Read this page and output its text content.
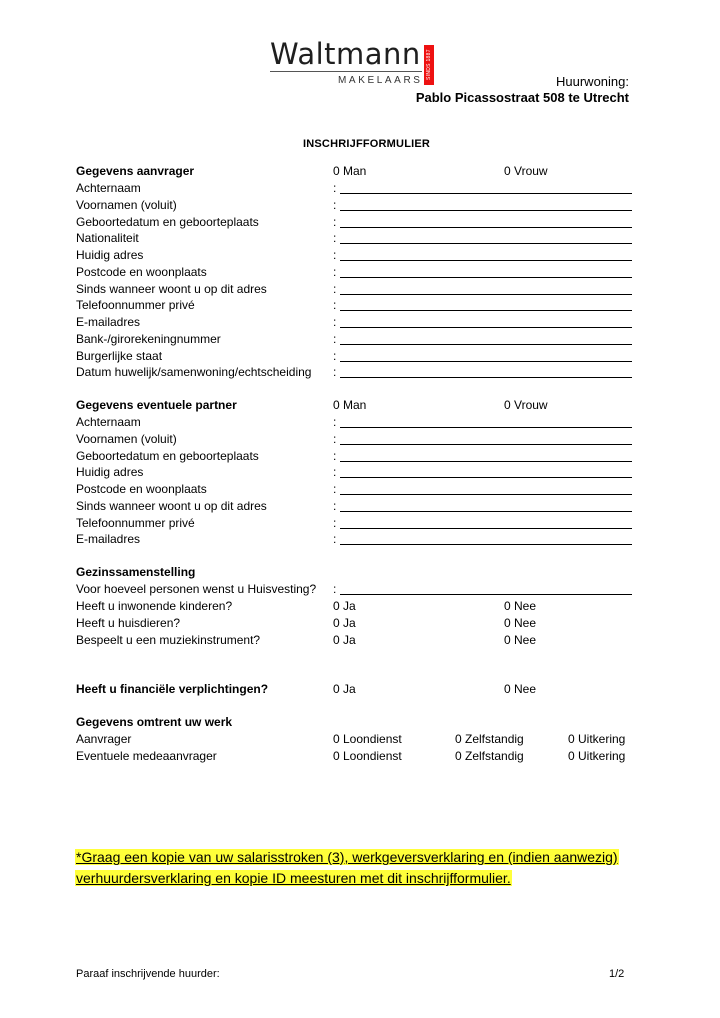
Waltmann
MAKELAARS
SINDS 1887
Huurwoning:
Pablo Picassostraat 508 te Utrecht
INSCHRIJFFORMULIER
Gegevens aanvrager	0 Man	0 Vrouw
Achternaam	:
Voornamen (voluit)	:
Geboortedatum en geboorteplaats	:
Nationaliteit	:
Huidig adres	:
Postcode en woonplaats	:
Sinds wanneer woont u op dit adres	:
Telefoonnummer privé	:
E-mailadres	:
Bank-/girorekeningnummer	:
Burgerlijke staat	:
Datum huwelijk/samenwoning/echtscheiding :
Gegevens eventuele partner	0 Man	0 Vrouw
Achternaam	:
Voornamen (voluit)	:
Geboortedatum en geboorteplaats	:
Huidig adres	:
Postcode en woonplaats	:
Sinds wanneer woont u op dit adres	:
Telefoonnummer privé	:
E-mailadres	:
Gezinssamenstelling
Voor hoeveel personen wenst u Huisvesting? :
Heeft u inwonende kinderen?	0 Ja	0 Nee
Heeft u huisdieren?	0 Ja	0 Nee
Bespeelt u een muziekinstrument?	0 Ja	0 Nee
Heeft u financiële verplichtingen?	0 Ja	0 Nee
Gegevens omtrent uw werk
Aanvrager	0 Loondienst	0 Zelfstandig	0 Uitkering
Eventuele medeaanvrager	0 Loondienst	0 Zelfstandig	0 Uitkering
*Graag een kopie van uw salarisstroken (3), werkgeversverklaring en (indien aanwezig)
verhuurdersverklaring en kopie ID meesturen met dit inschrijfformulier.
Paraaf inschrijvende huurder:	1/2
